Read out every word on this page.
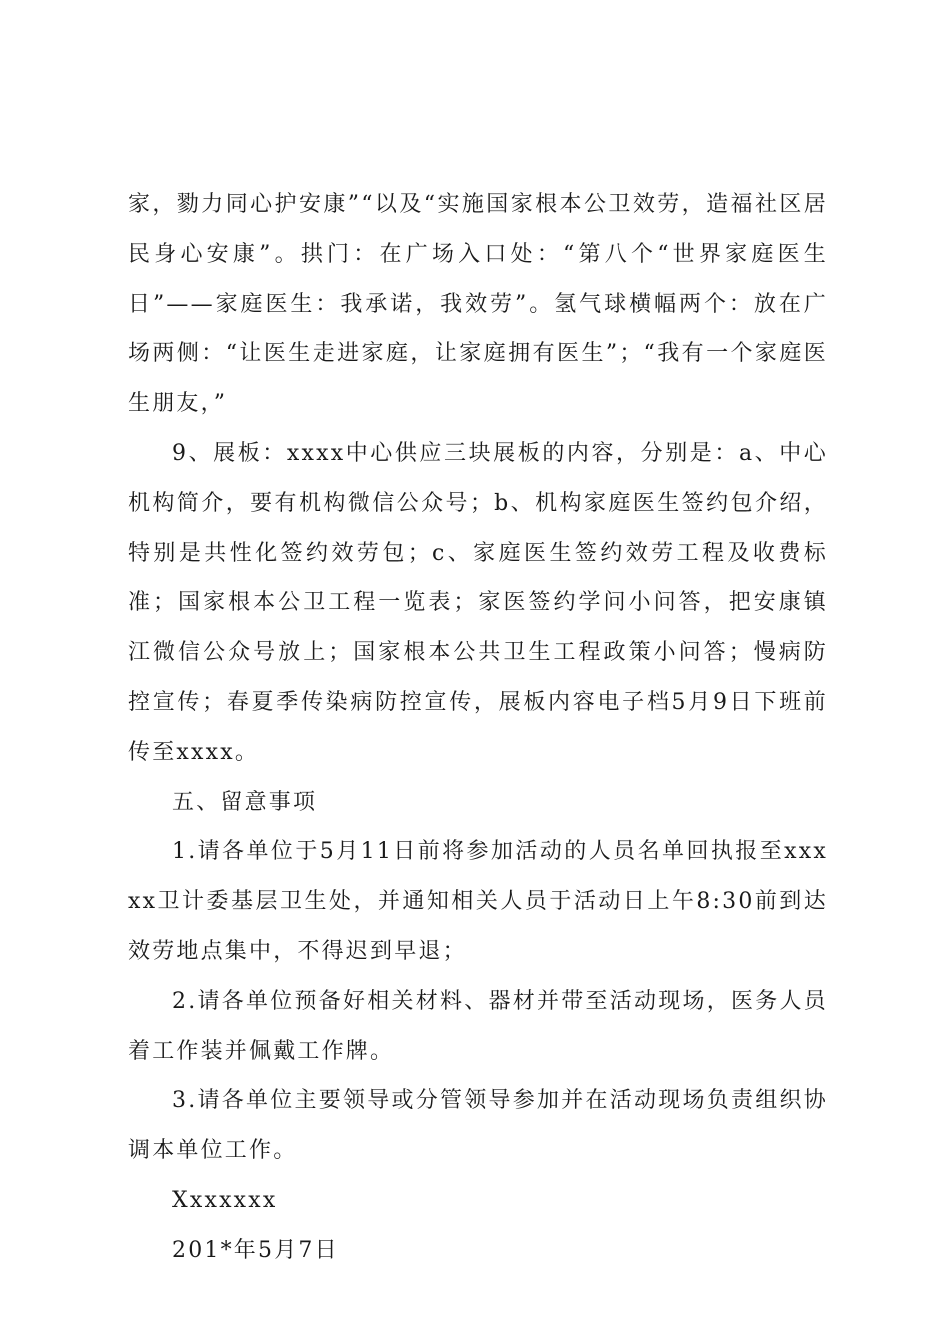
家，勠力同心护安康”“以及“实施国家根本公卫效劳，造福社区居民身心安康”。拱门：在广场入口处：“第八个“世界家庭医生日”——家庭医生：我承诺，我效劳”。氢气球横幅两个：放在广场两侧：“让医生走进家庭，让家庭拥有医生”；“我有一个家庭医生朋友，”

9、展板：xxxx中心供应三块展板的内容，分别是：a、中心机构简介，要有机构微信公众号；b、机构家庭医生签约包介绍，特别是共性化签约效劳包；c、家庭医生签约效劳工程及收费标准；国家根本公卫工程一览表；家医签约学问小问答，把安康镇江微信公众号放上；国家根本公共卫生工程政策小问答；慢病防控宣传；春夏季传染病防控宣传，展板内容电子档5月9日下班前传至xxxx。

五、留意事项

1.请各单位于5月11日前将参加活动的人员名单回执报至xxxxx卫计委基层卫生处，并通知相关人员于活动日上午8:30前到达效劳地点集中，不得迟到早退；

2.请各单位预备好相关材料、器材并带至活动现场，医务人员着工作装并佩戴工作牌。

3.请各单位主要领导或分管领导参加并在活动现场负责组织协调本单位工作。

Xxxxxxx

201*年5月7日
